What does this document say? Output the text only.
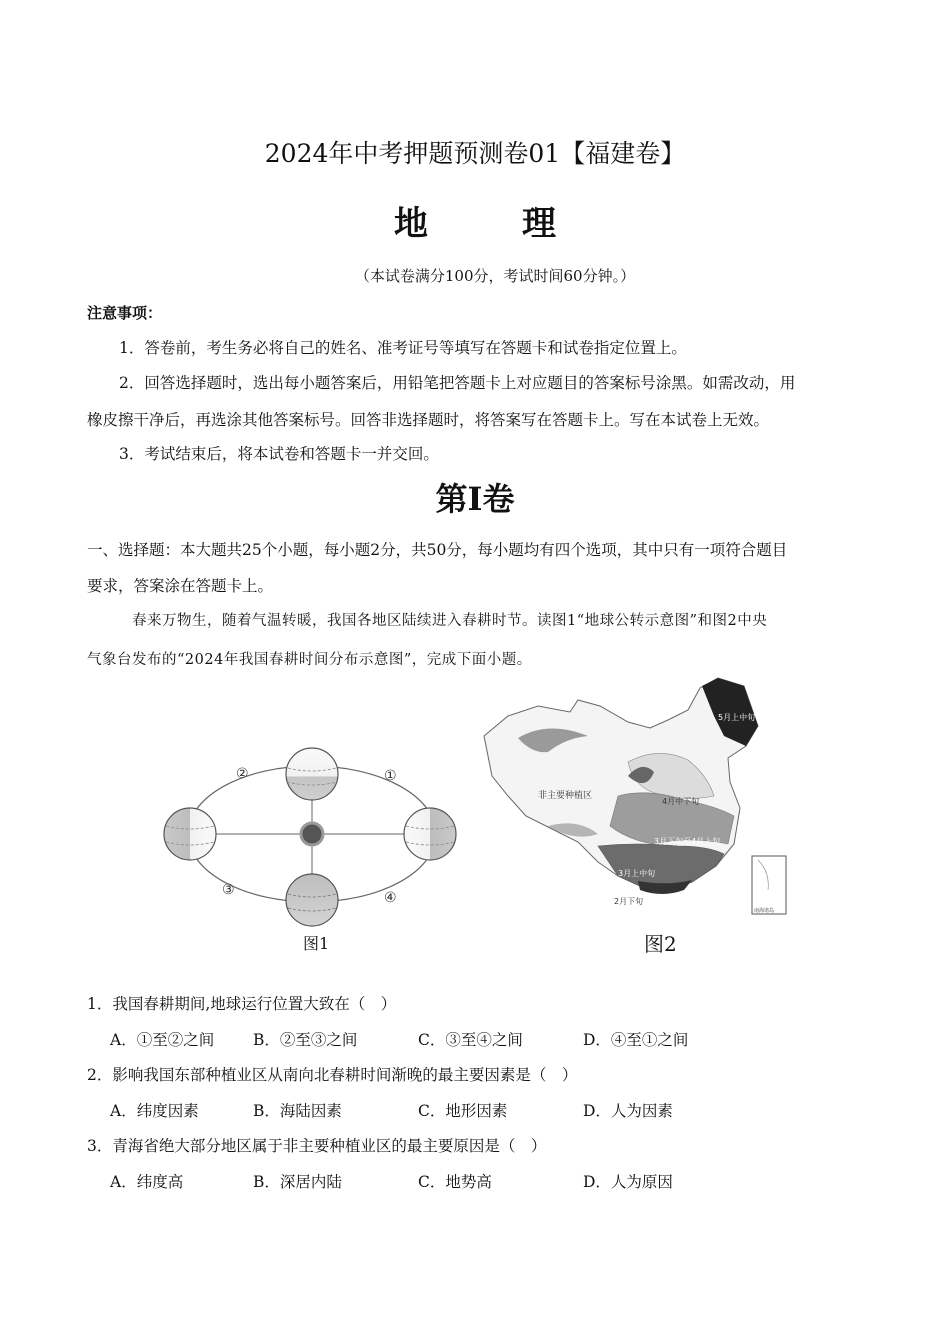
2024年中考押题预测卷01【福建卷】
地　理
（本试卷满分100分，考试时间60分钟。）
注意事项：
1．答卷前，考生务必将自己的姓名、准考证号等填写在答题卡和试卷指定位置上。
2．回答选择题时，选出每小题答案后，用铅笔把答题卡上对应题目的答案标号涂黑。如需改动，用
橡皮擦干净后，再选涂其他答案标号。回答非选择题时，将答案写在答题卡上。写在本试卷上无效。
3．考试结束后，将本试卷和答题卡一并交回。
第Ⅰ卷
一、选择题：本大题共25个小题，每小题2分，共50分，每小题均有四个选项，其中只有一项符合题目
要求，答案涂在答题卡上。
春来万物生，随着气温转暖，我国各地区陆续进入春耕时节。读图1“地球公转示意图”和图2中央
气象台发布的“2024年我国春耕时间分布示意图”，完成下面小题。
②	①
③	④
图1
5月上中旬
非主要种植区
4月中下旬
3月下旬至4月上旬
3月上中旬
2月下旬
南海诸岛
图2
1．我国春耕期间,地球运行位置大致在（　）
A．①至②之间	B．②至③之间	C．③至④之间	D．④至①之间
2．影响我国东部种植业区从南向北春耕时间渐晚的最主要因素是（　）
A．纬度因素	B．海陆因素	C．地形因素	D．人为因素
3．青海省绝大部分地区属于非主要种植业区的最主要原因是（　）
A．纬度高	B．深居内陆	C．地势高	D．人为原因
